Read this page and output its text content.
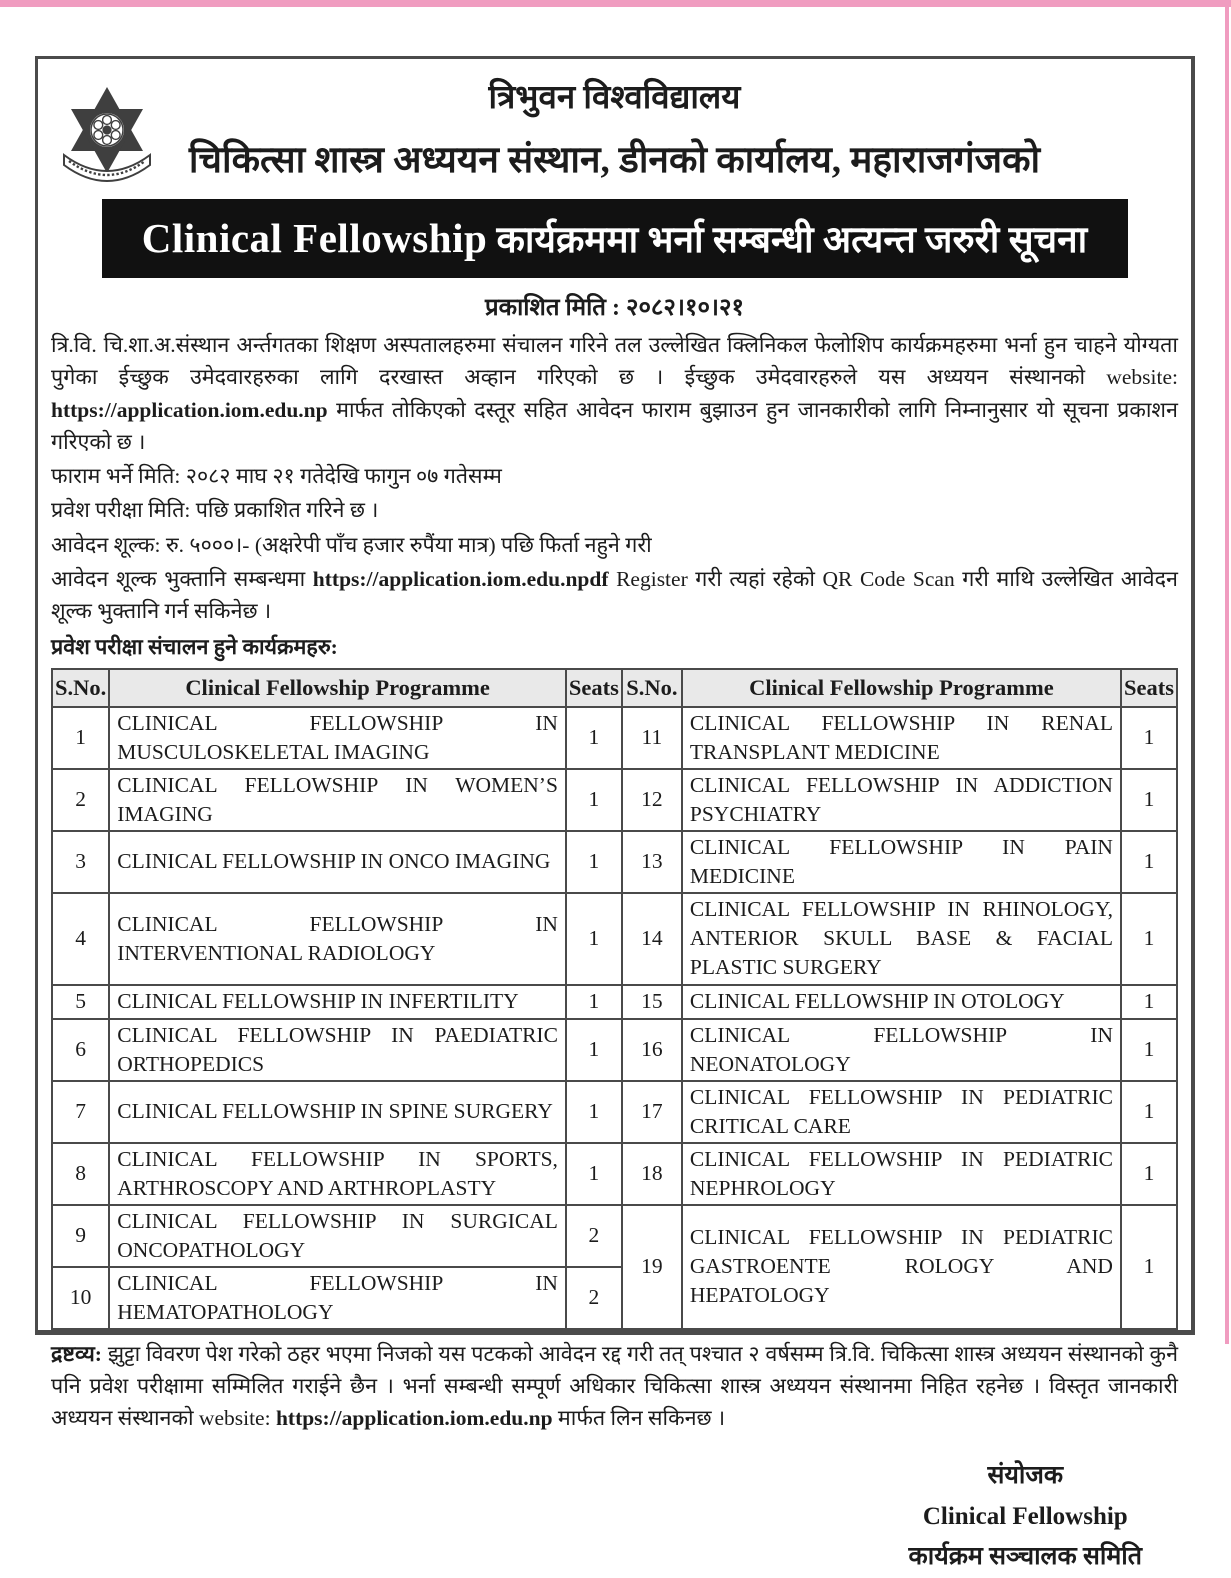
त्रिभुवन विश्वविद्यालय
चिकित्सा शास्त्र अध्ययन संस्थान, डीनको कार्यालय, महाराजगंजको
Clinical Fellowship कार्यक्रममा भर्ना सम्बन्धी अत्यन्त जरुरी सूचना
प्रकाशित मिति : २०८२।१०।२१

त्रि.वि. चि.शा.अ.संस्थान अर्न्तगतका शिक्षण अस्पतालहरुमा संचालन गरिने तल उल्लेखित क्लिनिकल फेलोशिप कार्यक्रमहरुमा भर्ना हुन चाहने योग्यता पुगेका ईच्छुक उमेदवारहरुका लागि दरखास्त अव्हान गरिएको छ । ईच्छुक उमेदवारहरुले यस अध्ययन संस्थानको website: https://application.iom.edu.np मार्फत तोकिएको दस्तूर सहित आवेदन फाराम बुझाउन हुन जानकारीको लागि निम्नानुसार यो सूचना प्रकाशन गरिएको छ ।

फाराम भर्ने मिति: २०८२ माघ २१ गतेदेखि फागुन ०७ गतेसम्म

प्रवेश परीक्षा मिति: पछि प्रकाशित गरिने छ ।

आवेदन शूल्क: रु. ५०००।- (अक्षरेपी पाँच हजार रुपैंया मात्र) पछि फिर्ता नहुने गरी

आवेदन शूल्क भुक्तानि सम्बन्धमा https://application.iom.edu.npdf Register गरी त्यहां रहेको QR Code Scan गरी माथि उल्लेखित आवेदन शूल्क भुक्तानि गर्न सकिनेछ ।

प्रवेश परीक्षा संचालन हुने कार्यक्रमहरु:
S.No.	Clinical Fellowship Programme	Seats	S.No.	Clinical Fellowship Programme	Seats
1	CLINICAL FELLOWSHIP IN MUSCULOSKELETAL IMAGING	1	11	CLINICAL FELLOWSHIP IN RENAL TRANSPLANT MEDICINE	1
2	CLINICAL FELLOWSHIP IN WOMEN’S IMAGING	1	12	CLINICAL FELLOWSHIP IN ADDICTION PSYCHIATRY	1
3	CLINICAL FELLOWSHIP IN ONCO IMAGING	1	13	CLINICAL FELLOWSHIP IN PAIN MEDICINE	1
4	CLINICAL FELLOWSHIP IN INTERVENTIONAL RADIOLOGY	1	14	CLINICAL FELLOWSHIP IN RHINOLOGY, ANTERIOR SKULL BASE & FACIAL PLASTIC SURGERY	1
5	CLINICAL FELLOWSHIP IN INFERTILITY	1	15	CLINICAL FELLOWSHIP IN OTOLOGY	1
6	CLINICAL FELLOWSHIP IN PAEDIATRIC ORTHOPEDICS	1	16	CLINICAL FELLOWSHIP IN NEONATOLOGY	1
7	CLINICAL FELLOWSHIP IN SPINE SURGERY	1	17	CLINICAL FELLOWSHIP IN PEDIATRIC CRITICAL CARE	1
8	CLINICAL FELLOWSHIP IN SPORTS, ARTHROSCOPY AND ARTHROPLASTY	1	18	CLINICAL FELLOWSHIP IN PEDIATRIC NEPHROLOGY	1
9	CLINICAL FELLOWSHIP IN SURGICAL ONCOPATHOLOGY	2	19	CLINICAL FELLOWSHIP IN PEDIATRIC GASTROENTE ROLOGY AND HEPATOLOGY	1
10	CLINICAL FELLOWSHIP IN HEMATOPATHOLOGY	2			

द्रष्टव्य: झुट्टा विवरण पेश गरेको ठहर भएमा निजको यस पटकको आवेदन रद्द गरी तत् पश्चात २ वर्षसम्म त्रि.वि. चिकित्सा शास्त्र अध्ययन संस्थानको कुनै पनि प्रवेश परीक्षामा सम्मिलित गराईने छैन । भर्ना सम्बन्धी सम्पूर्ण अधिकार चिकित्सा शास्त्र अध्ययन संस्थानमा निहित रहनेछ । विस्तृत जानकारी अध्ययन संस्थानको website: https://application.iom.edu.np मार्फत लिन सकिनछ ।

संयोजक
Clinical Fellowship
कार्यक्रम सञ्चालक समिति
